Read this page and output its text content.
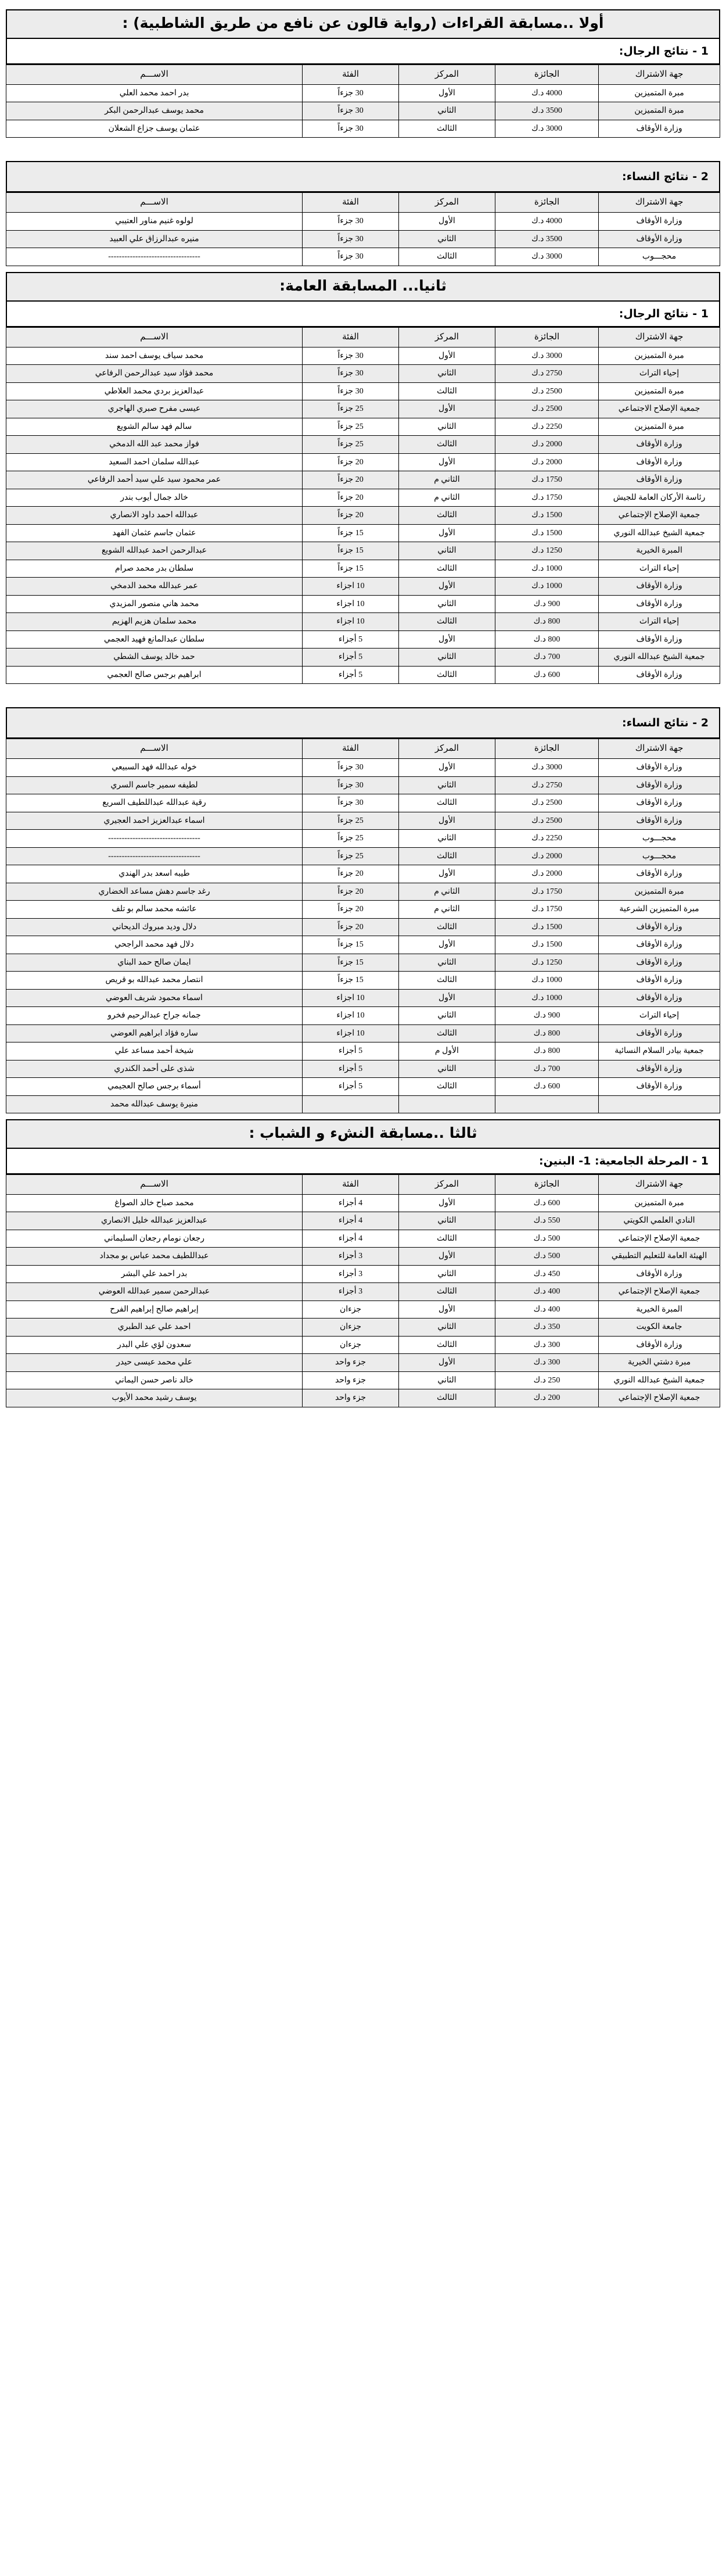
أولا ..مسابقة القراءات (رواية قالون عن نافع من طريق الشاطبية) :
1 - نتائج الرجال:
جهة الاشتراك	الجائزة	المركز	الفئة	الاســـم
مبرة المتميزين	4000 د.ك	الأول	30 جزءاً	بدر احمد محمد العلي
مبرة المتميزين	3500 د.ك	الثاني	30 جزءاً	محمد يوسف عبدالرحمن البكر
وزارة الأوقاف	3000 د.ك	الثالث	30 جزءاً	عثمان يوسف جزاع الشعلان
2 - نتائج النساء:
جهة الاشتراك	الجائزة	المركز	الفئة	الاســـم
وزارة الأوقاف	4000 د.ك	الأول	30 جزءاً	لولوه غنيم مناور العتيبي
وزارة الأوقاف	3500 د.ك	الثاني	30 جزءاً	منيره عبدالرزاق علي العبيد
محجـــوب	3000 د.ك	الثالث	30 جزءاً	----------------------------------
ثانيا... المسابقة العامة:
1 - نتائج الرجال:
جهة الاشتراك	الجائزة	المركز	الفئة	الاســـم
مبرة المتميزين	3000 د.ك	الأول	30 جزءاً	محمد سياف يوسف احمد سند
إحياء التراث	2750 د.ك	الثاني	30 جزءاً	محمد فؤاد سيد عبدالرحمن الرفاعي
مبرة المتميزين	2500 د.ك	الثالث	30 جزءاً	عبدالعزيز بردي محمد العلاطي
جمعية الإصلاح الاجتماعي	2500 د.ك	الأول	25 جزءاً	عيسى مفرح صبري الهاجري
مبرة المتميزين	2250 د.ك	الثاني	25 جزءاً	سالم فهد سالم الشويع
وزارة الأوقاف	2000 د.ك	الثالث	25 جزءاً	فواز محمد عبد الله الدمخي
وزارة الأوقاف	2000 د.ك	الأول	20 جزءاً	عبدالله سلمان احمد السعيد
وزارة الأوقاف	1750 د.ك	الثاني م	20 جزءاً	عمر محمود سيد علي سيد أحمد الرفاعي
رئاسة الأركان العامة للجيش	1750 د.ك	الثاني م	20 جزءاً	خالد جمال أيوب بندر
جمعية الإصلاح الإجتماعي	1500 د.ك	الثالث	20 جزءاً	عبدالله احمد داود الانصاري
جمعية الشيخ عبدالله النوري	1500 د.ك	الأول	15 جزءاً	عثمان جاسم عثمان الفهد
المبرة الخيرية	1250 د.ك	الثاني	15 جزءاً	عبدالرحمن احمد عبدالله الشويع
إحياء التراث	1000 د.ك	الثالث	15 جزءاً	سلطان بدر محمد صرام
وزارة الأوقاف	1000 د.ك	الأول	10 اجزاء	عمر عبدالله محمد الدمخي
وزارة الأوقاف	900 د.ك	الثاني	10 اجزاء	محمد هاني منصور المزيدي
إحياء التراث	800 د.ك	الثالث	10 اجزاء	محمد سلمان هزيم الهزيم
وزارة الأوقاف	800 د.ك	الأول	5 أجزاء	سلطان عبدالمانع فهيد العجمي
جمعية الشيخ عبدالله النوري	700 د.ك	الثاني	5 أجزاء	حمد خالد يوسف الشطي
وزارة الأوقاف	600 د.ك	الثالث	5 أجزاء	ابراهيم برجس صالح العجمي
2 - نتائج النساء:
جهة الاشتراك	الجائزة	المركز	الفئة	الاســـم
وزارة الأوقاف	3000 د.ك	الأول	30 جزءاً	خوله عبدالله فهد السبيعي
وزارة الأوقاف	2750 د.ك	الثاني	30 جزءاً	لطيفه سمير جاسم السري
وزارة الأوقاف	2500 د.ك	الثالث	30 جزءاً	رقية عبدالله عبداللطيف السريع
وزارة الأوقاف	2500 د.ك	الأول	25 جزءاً	اسماء عبدالعزيز احمد العجيري
محجـــوب	2250 د.ك	الثاني	25 جزءاً	----------------------------------
محجـــوب	2000 د.ك	الثالث	25 جزءاً	----------------------------------
وزارة الأوقاف	2000 د.ك	الأول	20 جزءاً	طيبه اسعد بدر الهندي
مبرة المتميزين	1750 د.ك	الثاني م	20 جزءاً	رغد جاسم دهش مساعد الخضاري
مبرة المتميزين الشرعية	1750 د.ك	الثاني م	20 جزءاً	عائشه محمد سالم بو تلف
وزارة الأوقاف	1500 د.ك	الثالث	20 جزءاً	دلال وديد مبروك الديحاني
وزارة الأوقاف	1500 د.ك	الأول	15 جزءاً	دلال فهد محمد الراجحي
وزارة الأوقاف	1250 د.ك	الثاني	15 جزءاً	ايمان صالح حمد البناي
وزارة الأوقاف	1000 د.ك	الثالث	15 جزءاً	انتصار محمد عبدالله بو قريص
وزارة الأوقاف	1000 د.ك	الأول	10 اجزاء	اسماء محمود شريف العوضي
إحياء التراث	900 د.ك	الثاني	10 اجزاء	جمانه جراح عبدالرحيم فخرو
وزارة الأوقاف	800 د.ك	الثالث	10 اجزاء	ساره فؤاد ابراهيم العوضي
جمعية بيادر السلام النسائية	800 د.ك	الأول م	5 أجزاء	شيخة أحمد مساعد علي
وزارة الأوقاف	700 د.ك	الثاني	5 أجزاء	شذى على أحمد الكندري
وزارة الأوقاف	600 د.ك	الثالث	5 أجزاء	أسماء برجس صالح العجيمي
				منيرة يوسف عبدالله محمد
ثالثا ..مسابقة النشء و الشباب :
1 - المرحلة الجامعية: 1- البنين:
جهة الاشتراك	الجائزة	المركز	الفئة	الاســـم
مبرة المتميزين	600 د.ك	الأول	4 أجزاء	محمد صباح خالد الصواغ
النادي العلمي الكويتي	550 د.ك	الثاني	4 أجزاء	عبدالعزيز عبدالله خليل الانصاري
جمعية الإصلاح الإجتماعي	500 د.ك	الثالث	4 أجزاء	رجعان نومام رجعان السليماني
الهيئة العامة للتعليم التطبيقي	500 د.ك	الأول	3 أجزاء	عبداللطيف محمد عباس بو مجداد
وزارة الأوقاف	450 د.ك	الثاني	3 أجزاء	بدر احمد علي البشر
جمعية الإصلاح الإجتماعي	400 د.ك	الثالث	3 أجزاء	عبدالرحمن سمير عبدالله العوضي
المبرة الخيرية	400 د.ك	الأول	جزءان	إبراهيم صالح إبراهيم الفرح
جامعة الكويت	350 د.ك	الثاني	جزءان	احمد علي عبد الطبري
وزارة الأوقاف	300 د.ك	الثالث	جزءان	سعدون لؤي علي البدر
مبرة دشتي الخيرية	300 د.ك	الأول	جزء واحد	علي محمد عيسى حيدر
جمعية الشيخ عبدالله النوري	250 د.ك	الثاني	جزء واحد	خالد ناصر حسن اليماني
جمعية الإصلاح الإجتماعي	200 د.ك	الثالث	جزء واحد	يوسف رشيد محمد الأيوب
